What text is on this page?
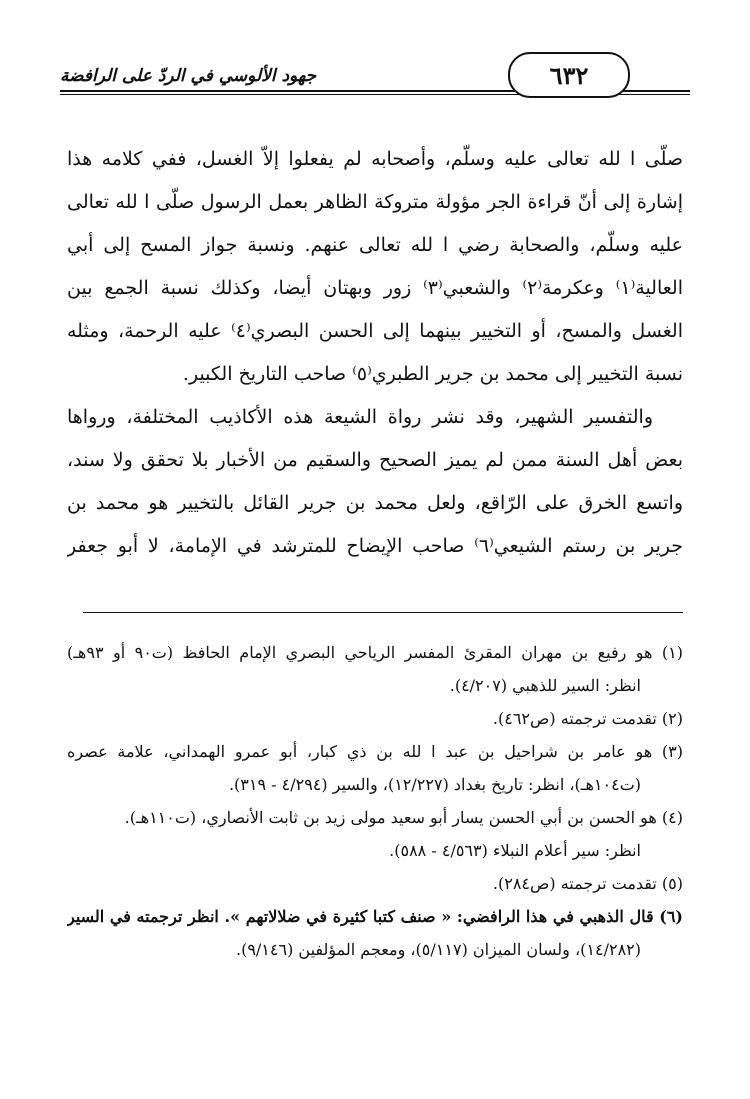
جهود الألوسي في الردّ على الرافضة	٦٣٢
صلّى ا لله تعالى عليه وسلّم، وأصحابه لم يفعلوا إلاّ الغسل، ففي كلامه هذا
إشارة إلى أنّ قراءة الجر مؤولة متروكة الظاهر بعمل الرسول صلّى ا لله تعالى
عليه وسلّم، والصحابة رضي ا لله تعالى عنهم. ونسبة جواز المسح إلى أبي
العالية⁽١⁾ وعكرمة⁽٢⁾ والشعبي⁽٣⁾ زور وبهتان أيضا، وكذلك نسبة الجمع بين
الغسل والمسح، أو التخيير بينهما إلى الحسن البصري⁽٤⁾ عليه الرحمة، ومثله
نسبة التخيير إلى محمد بن جرير الطبري⁽٥⁾ صاحب التاريخ الكبير.
والتفسير الشهير، وقد نشر رواة الشيعة هذه الأكاذيب المختلفة، ورواها
بعض أهل السنة ممن لم يميز الصحيح والسقيم من الأخبار بلا تحقق ولا سند،
واتسع الخرق على الرّاقع، ولعل محمد بن جرير القائل بالتخيير هو محمد بن
جرير بن رستم الشيعي⁽٦⁾ صاحب الإيضاح للمترشد في الإمامة، لا أبو جعفر
(١) هو رفيع بن مهران المقرئ المفسر الرياحي البصري الإمام الحافظ (ت٩٠ أو ٩٣هـ)
انظر: السير للذهبي (٤/٢٠٧).
(٢) تقدمت ترجمته (ص٤٦٢).
(٣) هو عامر بن شراحيل بن عبد ا لله بن ذي كبار، أبو عمرو الهمداني، علامة عصره
(ت١٠٤هـ)، انظر: تاريخ بغداد (١٢/٢٢٧)، والسير (٤/٢٩٤ - ٣١٩).
(٤) هو الحسن بن أبي الحسن يسار أبو سعيد مولى زيد بن ثابت الأنصاري، (ت١١٠هـ).
انظر: سير أعلام النبلاء (٤/٥٦٣ - ٥٨٨).
(٥) تقدمت ترجمته (ص٢٨٤).
(٦) قال الذهبي في هذا الرافضي: « صنف كتبا كثيرة في ضلالاتهم ». انظر ترجمته في السير
(١٤/٢٨٢)، ولسان الميزان (٥/١١٧)، ومعجم المؤلفين (٩/١٤٦).
